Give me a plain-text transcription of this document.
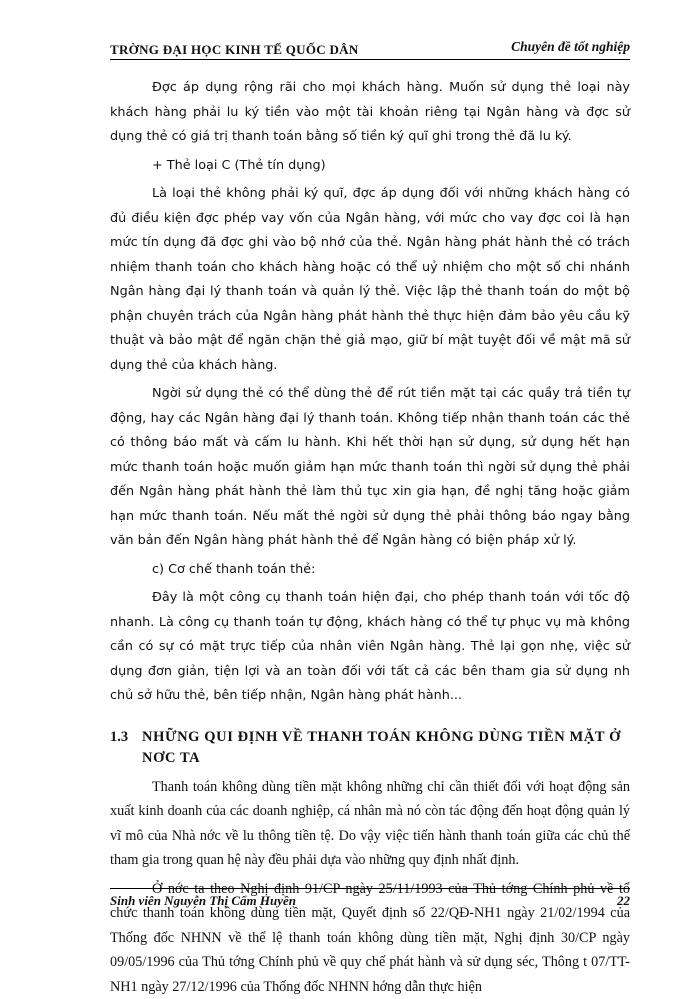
TRỜNG ĐẠI HỌC KINH TẾ QUỐC DÂN	Chuyên đề tốt nghiệp

Đợc áp dụng rộng rãi cho mọi khách hàng. Muốn sử dụng thẻ loại này khách hàng phải lu ký tiền vào một tài khoản riêng tại Ngân hàng và đợc sử dụng thẻ có giá trị thanh toán bằng số tiền ký quĩ ghi trong thẻ đã lu ký.

+ Thẻ loại C (Thẻ tín dụng)

Là loại thẻ không phải ký quĩ, đợc áp dụng đối với những khách hàng có đủ điều kiện đợc phép vay vốn của Ngân hàng, với mức cho vay đợc coi là hạn mức tín dụng đã đợc ghi vào bộ nhớ của thẻ. Ngân hàng phát hành thẻ có trách nhiệm thanh toán cho khách hàng hoặc có thể uỷ nhiệm cho một số chi nhánh Ngân hàng đại lý thanh toán và quản lý thẻ. Việc lập thẻ thanh toán do một bộ phận chuyên trách của Ngân hàng phát hành thẻ thực hiện đảm bảo yêu cầu kỹ thuật và bảo mật để ngăn chặn thẻ giả mạo, giữ bí mật tuyệt đối về mật mã sử dụng thẻ của khách hàng.

Ngời sử dụng thẻ có thể dùng thẻ để rút tiền mặt tại các quầy trả tiền tự động, hay các Ngân hàng đại lý thanh toán. Không tiếp nhận thanh toán các thẻ có thông báo mất và cấm lu hành. Khi hết thời hạn sử dụng, sử dụng hết hạn mức thanh toán hoặc muốn giảm hạn mức thanh toán thì ngời sử dụng thẻ phải đến Ngân hàng phát hành thẻ làm thủ tục xin gia hạn, đề nghị tăng hoặc giảm hạn mức thanh toán. Nếu mất thẻ ngời sử dụng thẻ phải thông báo ngay bằng văn bản đến Ngân hàng phát hành thẻ để Ngân hàng có biện pháp xử lý.

c) Cơ chế thanh toán thẻ:

Đây là một công cụ thanh toán hiện đại, cho phép thanh toán với tốc độ nhanh. Là công cụ thanh toán tự động, khách hàng có thể tự phục vụ mà không cần có sự có mặt trực tiếp của nhân viên Ngân hàng. Thẻ lại gọn nhẹ, việc sử dụng đơn giản, tiện lợi và an toàn đối với tất cả các bên tham gia sử dụng nh chủ sở hữu thẻ, bên tiếp nhận, Ngân hàng phát hành...

1.3 NHỮNG QUI ĐỊNH VỀ THANH TOÁN KHÔNG DÙNG TIỀN MẶT Ở NƠC TA

Thanh toán không dùng tiền mặt không những chỉ cần thiết đối với hoạt động sản xuất kinh doanh của các doanh nghiệp, cá nhân mà nó còn tác động đến hoạt động quản lý vĩ mô của Nhà nớc về lu thông tiền tệ. Do vậy việc tiến hành thanh toán giữa các chủ thể tham gia trong quan hệ này đều phải dựa vào những quy định nhất định.

Ở nớc ta theo Nghị định 91/CP ngày 25/11/1993 của Thủ tớng Chính phủ về tổ chức thanh toán không dùng tiền mặt, Quyết định số 22/QĐ-NH1 ngày 21/02/1994 của Thống đốc NHNN về thể lệ thanh toán không dùng tiền mặt, Nghị định 30/CP ngày 09/05/1996 của Thủ tớng Chính phủ về quy chế phát hành và sử dụng séc, Thông t 07/TT-NH1 ngày 27/12/1996 của Thống đốc NHNN hớng dẫn thực hiện

Sinh viên Nguyễn Thị Cẩm Huyền	22
